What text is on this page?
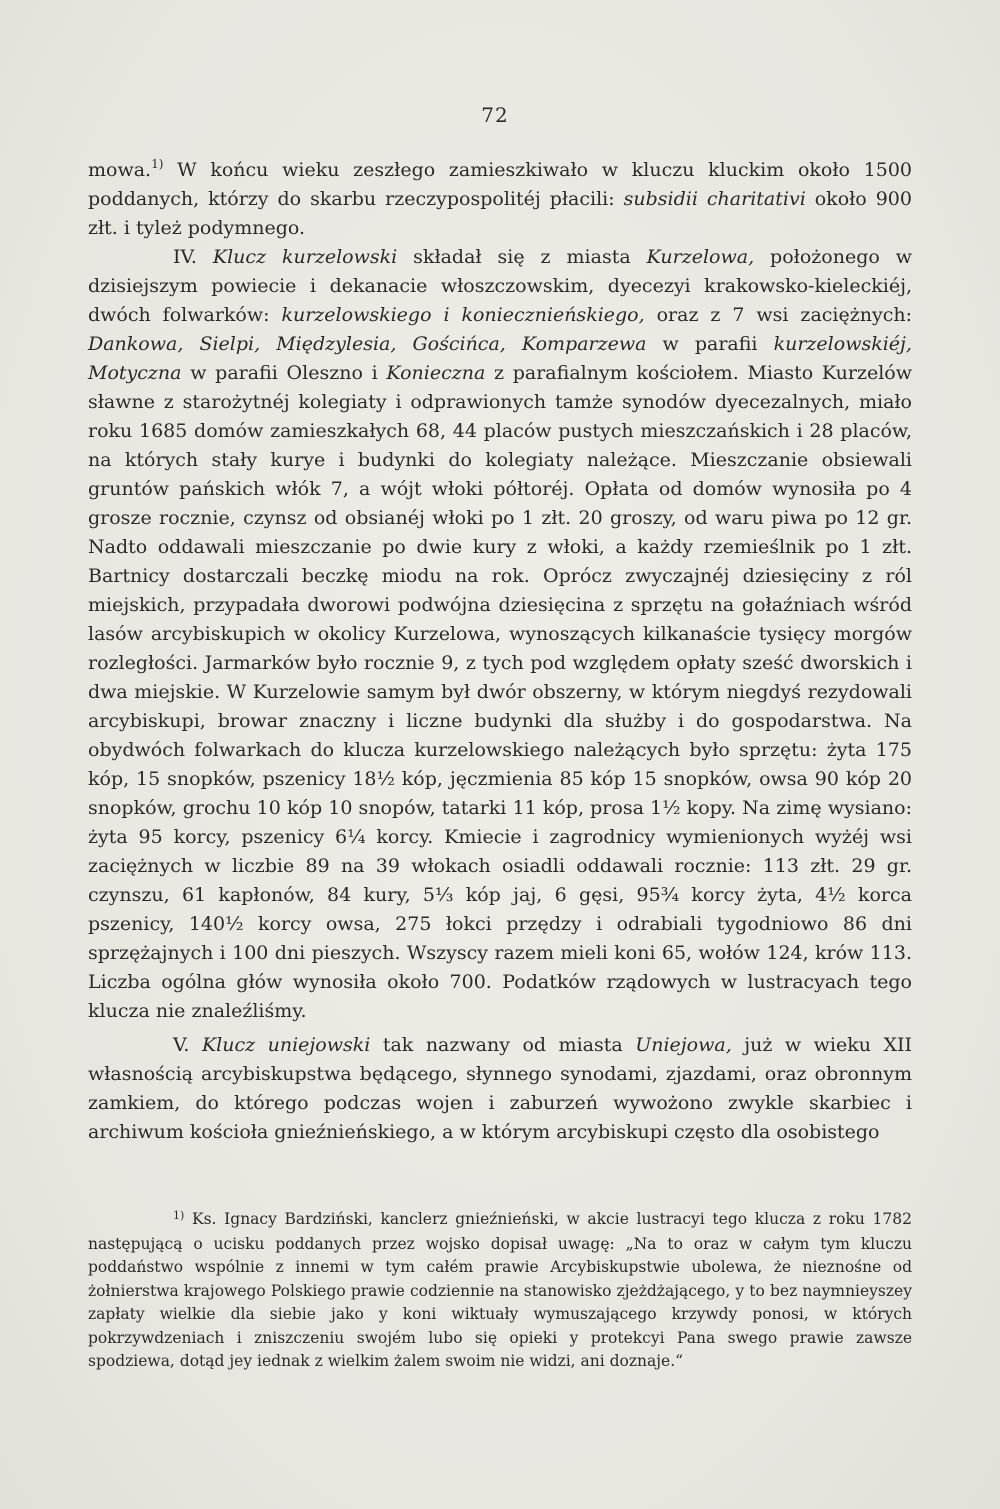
72

mowa.$^{1)}$ W końcu wieku zeszłego zamieszkiwało w kluczu kluckim około 1500 poddanych, którzy do skarbu rzeczypospolitéj płacili: subsidii charitativi około 900 złt. i tyleż podymnego.

IV. Klucz kurzelowski składał się z miasta Kurzelowa, położonego w dzisiejszym powiecie i dekanacie włoszczowskim, dyecezyi krakowsko-kieleckiéj, dwóch folwarków: kurzelowskiego i koniecznieńskiego, oraz z 7 wsi zaciężnych: Dankowa, Sielpi, Międzylesia, Gościńca, Komparzewa w parafii kurzelowskiéj, Motyczna w parafii Oleszno i Konieczna z parafialnym kościołem. Miasto Kurzelów sławne z starożytnéj kolegiaty i odprawionych tamże synodów dyecezalnych, miało roku 1685 domów zamieszkałych 68, 44 placów pustych mieszczańskich i 28 placów, na których stały kurye i budynki do kolegiaty należące. Mieszczanie obsiewali gruntów pańskich włók 7, a wójt włoki półtoréj. Opłata od domów wynosiła po 4 grosze rocznie, czynsz od obsianéj włoki po 1 złt. 20 groszy, od waru piwa po 12 gr. Nadto oddawali mieszczanie po dwie kury z włoki, a każdy rzemieślnik po 1 złt. Bartnicy dostarczali beczkę miodu na rok. Oprócz zwyczajnéj dziesięciny z ról miejskich, przypadała dworowi podwójna dziesięcina z sprzętu na gołaźniach wśród lasów arcybiskupich w okolicy Kurzelowa, wynoszących kilkanaście tysięcy morgów rozległości. Jarmarków było rocznie 9, z tych pod względem opłaty sześć dworskich i dwa miejskie. W Kurzelowie samym był dwór obszerny, w którym niegdyś rezydowali arcybiskupi, browar znaczny i liczne budynki dla służby i do gospodarstwa. Na obydwóch folwarkach do klucza kurzelowskiego należących było sprzętu: żyta 175 kóp, 15 snopków, pszenicy 18½ kóp, jęczmienia 85 kóp 15 snopków, owsa 90 kóp 20 snopków, grochu 10 kóp 10 snopów, tatarki 11 kóp, prosa 1½ kopy. Na zimę wysiano: żyta 95 korcy, pszenicy 6¼ korcy. Kmiecie i zagrodnicy wymienionych wyżéj wsi zaciężnych w liczbie 89 na 39 włokach osiadli oddawali rocznie: 113 złt. 29 gr. czynszu, 61 kapłonów, 84 kury, 5⅓ kóp jaj, 6 gęsi, 95¾ korcy żyta, 4½ korca pszenicy, 140½ korcy owsa, 275 łokci przędzy i odrabiali tygodniowo 86 dni sprzężajnych i 100 dni pieszych. Wszyscy razem mieli koni 65, wołów 124, krów 113. Liczba ogólna głów wynosiła około 700. Podatków rządowych w lustracyach tego klucza nie znaleźliśmy.

V. Klucz uniejowski tak nazwany od miasta Uniejowa, już w wieku XII własnością arcybiskupstwa będącego, słynnego synodami, zjazdami, oraz obronnym zamkiem, do którego podczas wojen i zaburzeń wywożono zwykle skarbiec i archiwum kościoła gnieźnieńskiego, a w którym arcybiskupi często dla osobistego

$^{1)}$ Ks. Ignacy Bardziński, kanclerz gnieźnieński, w akcie lustracyi tego klucza z roku 1782 następującą o ucisku poddanych przez wojsko dopisał uwagę: „Na to oraz w całym tym kluczu poddaństwo wspólnie z innemi w tym całém prawie Arcybiskupstwie ubolewa, że nieznośne od żołnierstwa krajowego Polskiego prawie codziennie na stanowisko zjeżdżającego, y to bez naymnieyszey zapłaty wielkie dla siebie jako y koni wiktuały wymuszającego krzywdy ponosi, w których pokrzywdzeniach i zniszczeniu swojém lubo się opieki y protekcyi Pana swego prawie zawsze spodziewa, dotąd jey iednak z wielkim żalem swoim nie widzi, ani doznaje.“
